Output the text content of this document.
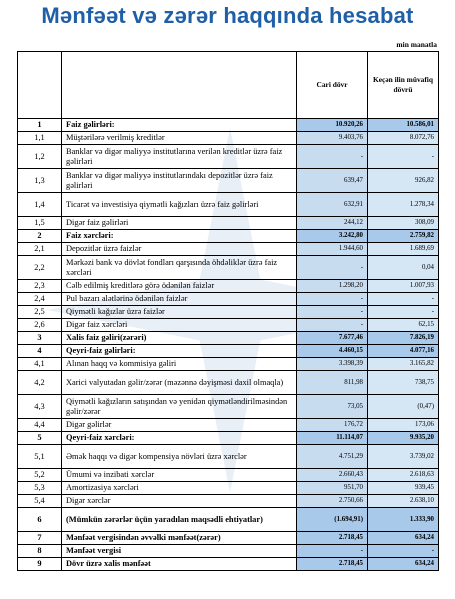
Mənfəət və zərər haqqında hesabat
min manatla
		Cari dövr	Keçən ilin müvafiq dövrü
1	Faiz gəlirləri:	10.920,26	10.586,01
1,1	Müştərilərə verilmiş kreditlər	9.403,76	8.072,76
1,2	Banklar və digər maliyyə institutlarına verilən kreditlər üzrə faiz gəlirləri	-	-
1,3	Banklar və digər maliyyə institutlarındakı depozitlər üzrə faiz gəlirləri	639,47	926,82
1,4	Ticarət və investisiya qiymətli kağızları üzrə faiz gəlirləri	632,91	1.278,34
1,5	Digər faiz gəlirləri	244,12	308,09
2	Faiz xərcləri:	3.242,80	2.759,82
2,1	Depozitlər üzrə faizlər	1.944,60	1.689,69
2,2	Mərkəzi bank və dövlət fondları qarşısında öhdəliklər üzrə faiz xərcləri	-	0,04
2,3	Cəlb edilmiş kreditlərə görə ödənilən faizlər	1.298,20	1.007,93
2,4	Pul bazarı alətlərinə ödənilən faizlər	-	-
2,5	Qiymətli kağızlar üzrə faizlər	-	-
2,6	Digər faiz xərcləri	-	62,15
3	Xalis faiz gəliri(zərəri)	7.677,46	7.826,19
4	Qeyri-faiz gəlirləri:	4.460,15	4.077,16
4,1	Alınan haqq və kommisiya gəliri	3.398,39	3.165,82
4,2	Xarici valyutadan gəlir/zərər (məzənnə dəyişməsi daxil olmaqla)	811,98	738,75
4,3	Qiymətli kağızların satışından və yenidən qiymətləndirilməsindən gəlir/zərər	73,05	(0,47)
4,4	Digər gəlirlər	176,72	173,06
5	Qeyri-faiz xərcləri:	11.114,07	9.935,20
5,1	Əmək haqqı və digər kompensiya növləri üzrə xərclər	4.751,29	3.739,02
5,2	Ümumi və inzibati xərclər	2.660,43	2.618,63
5,3	Amortizasiya xərcləri	951,70	939,45
5,4	Digər xərclər	2.750,66	2.638,10
6	(Mümkün zərərlər üçün yaradılan maqsədli ehtiyatlar)	(1.694,91)	1.333,90
7	Mənfəət vergisindən əvvəlki mənfəət(zərər)	2.718,45	634,24
8	Mənfəət vergisi	-	-
9	Dövr üzrə xalis mənfəət	2.718,45	634,24
